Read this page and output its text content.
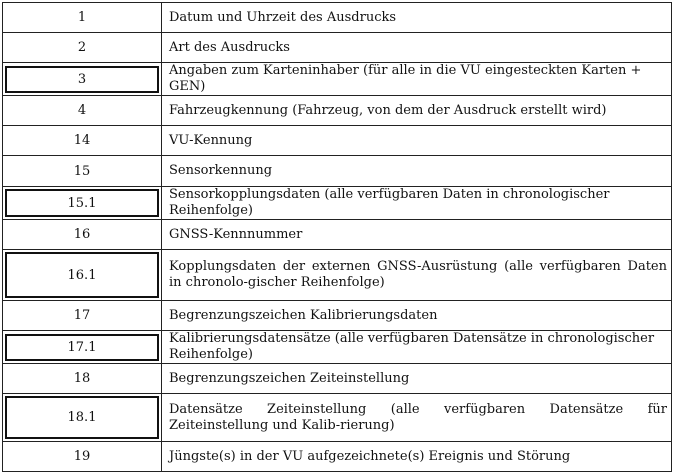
1	Datum und Uhrzeit des Ausdrucks

2	Art des Ausdrucks

3	Angaben zum Karteninhaber (für alle in die VU eingesteckten Karten + GEN)

4	Fahrzeugkennung (Fahrzeug, von dem der Ausdruck erstellt wird)

14	VU-Kennung

15	Sensorkennung

15.1	Sensorkopplungsdaten (alle verfügbaren Daten in chronologischer Reihenfolge)

16	GNSS-Kennnummer

16.1	Kopplungsdaten der externen GNSS-Ausrüstung (alle verfügbaren Daten in chronolo-gischer Reihenfolge)

17	Begrenzungszeichen Kalibrierungsdaten

17.1	Kalibrierungsdatensätze (alle verfügbaren Datensätze in chronologischer Reihenfolge)

18	Begrenzungszeichen Zeiteinstellung

18.1	Datensätze Zeiteinstellung (alle verfügbaren Datensätze für Zeiteinstellung und Kalib-rierung)

19	Jüngste(s) in der VU aufgezeichnete(s) Ereignis und Störung
